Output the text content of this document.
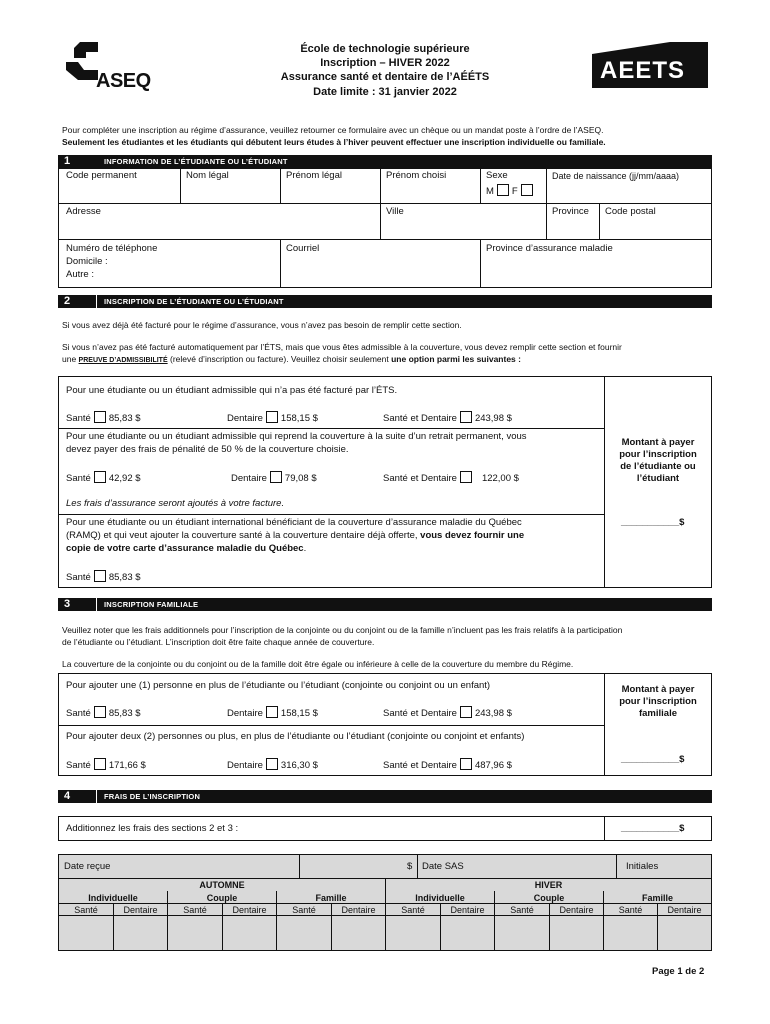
ASEQ
École de technologie supérieure
Inscription – HIVER 2022
Assurance santé et dentaire de l’AÉÉTS
Date limite : 31 janvier 2022
AEETS
Pour compléter une inscription au régime d’assurance, veuillez retourner ce formulaire avec un chèque ou un mandat poste à l’ordre de l’ASEQ.
Seulement les étudiantes et les étudiants qui débutent leurs études à l’hiver peuvent effectuer une inscription individuelle ou familiale.
1	INFORMATION DE L’ÉTUDIANTE OU L’ÉTUDIANT
Code permanent	Nom légal	Prénom légal	Prénom choisi	Sexe
M F
Date de naissance (jj/mm/aaaa)
Adresse	Ville	Province Code postal
Numéro de téléphone
Domicile :
Autre :
Courriel	Province d’assurance maladie
2	INSCRIPTION DE L’ÉTUDIANTE OU L’ÉTUDIANT
Si vous avez déjà été facturé pour le régime d’assurance, vous n’avez pas besoin de remplir cette section.
Si vous n’avez pas été facturé automatiquement par l’ÉTS, mais que vous êtes admissible à la couverture, vous devez remplir cette section et fournir
une PREUVE D’ADMISSIBILITÉ (relevé d’inscription ou facture). Veuillez choisir seulement une option parmi les suivantes :
Pour une étudiante ou un étudiant admissible qui n’a pas été facturé par l’ÉTS.
Santé 85,83 $	Dentaire 158,15 $	Santé et Dentaire 243,98 $
Pour une étudiante ou un étudiant admissible qui reprend la couverture à la suite d’un retrait permanent, vous
devez payer des frais de pénalité de 50 % de la couverture choisie.
Santé 42,92 $	Dentaire 79,08 $	Santé et Dentaire	122,00 $
Les frais d’assurance seront ajoutés à votre facture.
Pour une étudiante ou un étudiant international bénéficiant de la couverture d’assurance maladie du Québec
(RAMQ) et qui veut ajouter la couverture santé à la couverture dentaire déjà offerte, vous devez fournir une
copie de votre carte d’assurance maladie du Québec.
Santé 85,83 $
Montant à payer
pour l’inscription
de l’étudiante ou
l’étudiant
___________$
3	INSCRIPTION FAMILIALE
Veuillez noter que les frais additionnels pour l’inscription de la conjointe ou du conjoint ou de la famille n’incluent pas les frais relatifs à la participation
de l’étudiante ou l’étudiant. L’inscription doit être faite chaque année de couverture.
La couverture de la conjointe ou du conjoint ou de la famille doit être égale ou inférieure à celle de la couverture du membre du Régime.
Pour ajouter une (1) personne en plus de l’étudiante ou l’étudiant (conjointe ou conjoint ou un enfant)
Santé 85,83 $	Dentaire 158,15 $	Santé et Dentaire 243,98 $
Pour ajouter deux (2) personnes ou plus, en plus de l’étudiante ou l’étudiant (conjointe ou conjoint et enfants)
Santé 171,66 $	Dentaire 316,30 $	Santé et Dentaire 487,96 $
Montant à payer
pour l’inscription
familiale
___________$
4	FRAIS DE L’INSCRIPTION
Additionnez les frais des sections 2 et 3 :	___________$
Date reçue	$ Date SAS	Initiales
AUTOMNE	HIVER
Individuelle	Couple	Famille	Individuelle	Couple	Famille
Santé	Dentaire	Santé	Dentaire	Santé	Dentaire	Santé	Dentaire	Santé	Dentaire	Santé	Dentaire
Page 1 de 2
